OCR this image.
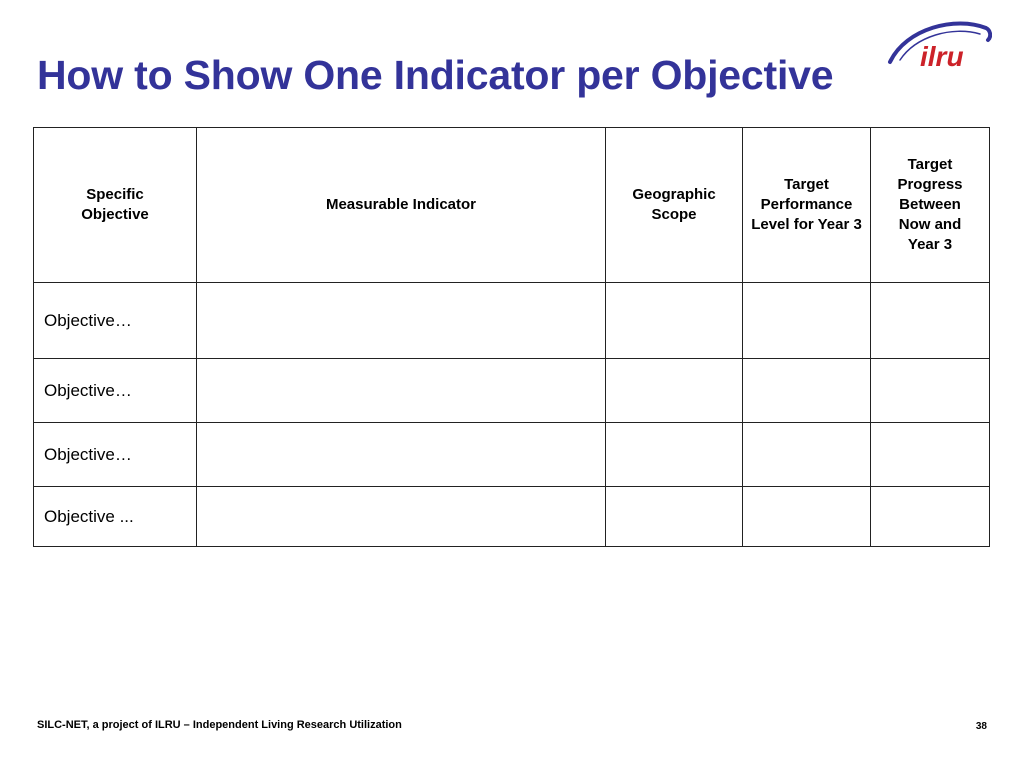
How to Show One Indicator per Objective	ilru
Specific Objective	Measurable Indicator	Geographic Scope	Target Performance Level for Year 3	Target Progress Between Now and Year 3
Objective…				
Objective…				
Objective…				
Objective ...				
SILC-NET, a project of ILRU – Independent Living Research Utilization	38
